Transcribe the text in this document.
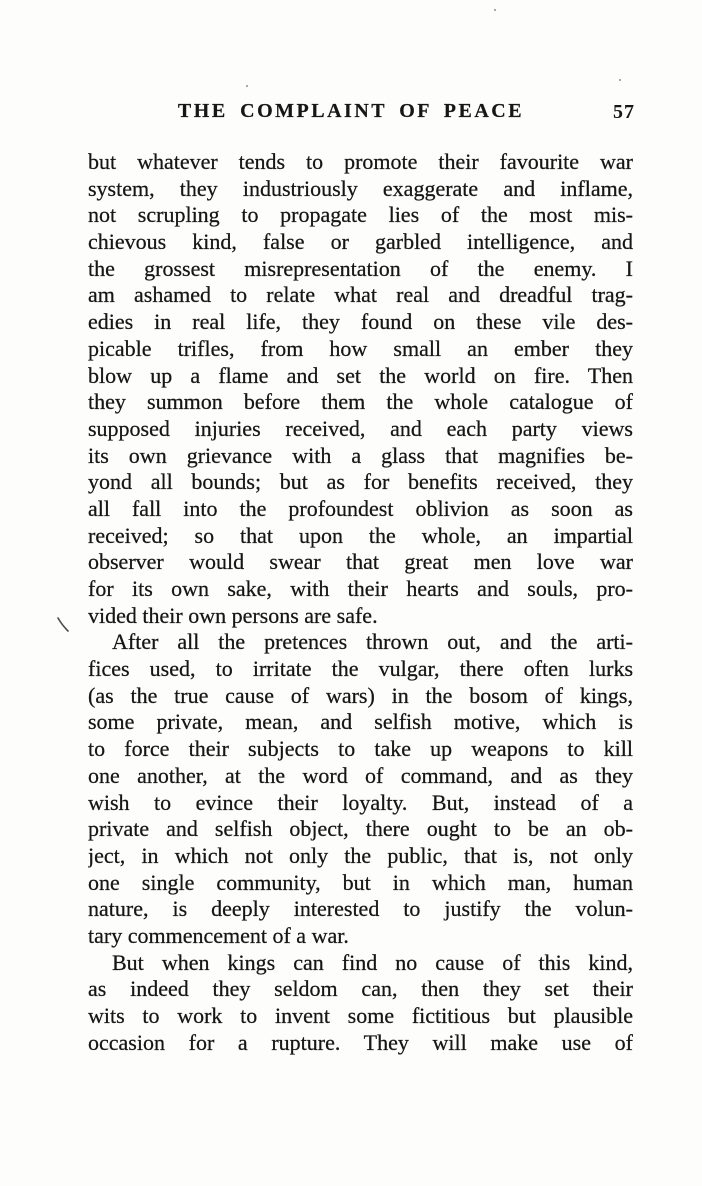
THE COMPLAINT OF PEACE	57
but whatever tends to promote their favourite war
system, they industriously exaggerate and inflame,
not scrupling to propagate lies of the most mis-
chievous kind, false or garbled intelligence, and
the grossest misrepresentation of the enemy. I
am ashamed to relate what real and dreadful trag-
edies in real life, they found on these vile des-
picable trifles, from how small an ember they
blow up a flame and set the world on fire. Then
they summon before them the whole catalogue of
supposed injuries received, and each party views
its own grievance with a glass that magnifies be-
yond all bounds; but as for benefits received, they
all fall into the profoundest oblivion as soon as
received; so that upon the whole, an impartial
observer would swear that great men love war
for its own sake, with their hearts and souls, pro-
vided their own persons are safe.
After all the pretences thrown out, and the arti-
fices used, to irritate the vulgar, there often lurks
(as the true cause of wars) in the bosom of kings,
some private, mean, and selfish motive, which is
to force their subjects to take up weapons to kill
one another, at the word of command, and as they
wish to evince their loyalty. But, instead of a
private and selfish object, there ought to be an ob-
ject, in which not only the public, that is, not only
one single community, but in which man, human
nature, is deeply interested to justify the volun-
tary commencement of a war.
But when kings can find no cause of this kind,
as indeed they seldom can, then they set their
wits to work to invent some fictitious but plausible
occasion for a rupture. They will make use of
